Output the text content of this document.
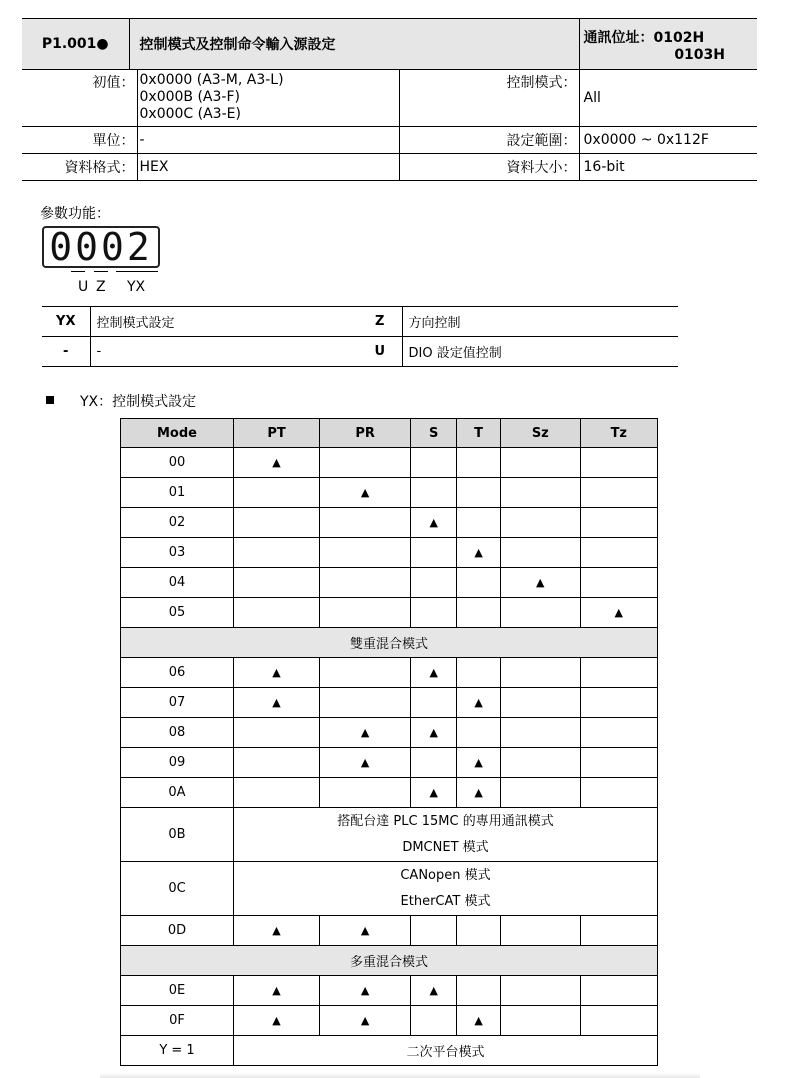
P1.001●	控制模式及控制命令輸入源設定			通訊位址：0102H
0103H

初值：		0x0000 (A3-M, A3-L)
0x000B (A3-F)
0x000C (A3-E)	控制模式：	All
單位：		-	設定範圍：	0x0000 ~ 0x112F
資料格式：		HEX	資料大小：	16-bit
參數功能：
0002
U Z YX
YX	控制模式設定	Z	方向控制
-	-	U	DIO 設定值控制
YX：控制模式設定
Mode	PT	PR	S	T	Sz	Tz
00	▲					
01		▲				
02			▲			
03				▲		
04					▲	
05						▲
雙重混合模式						
06	▲		▲			
07	▲			▲		
08		▲	▲			
09		▲		▲		
0A			▲	▲		
0B	搭配台達 PLC 15MC 的專用通訊模式
DMCNET 模式					

0C	CANopen 模式
EtherCAT 模式					

0D	▲	▲				
多重混合模式						
0E	▲	▲	▲			
0F	▲	▲		▲		
Y = 1	二次平台模式					
